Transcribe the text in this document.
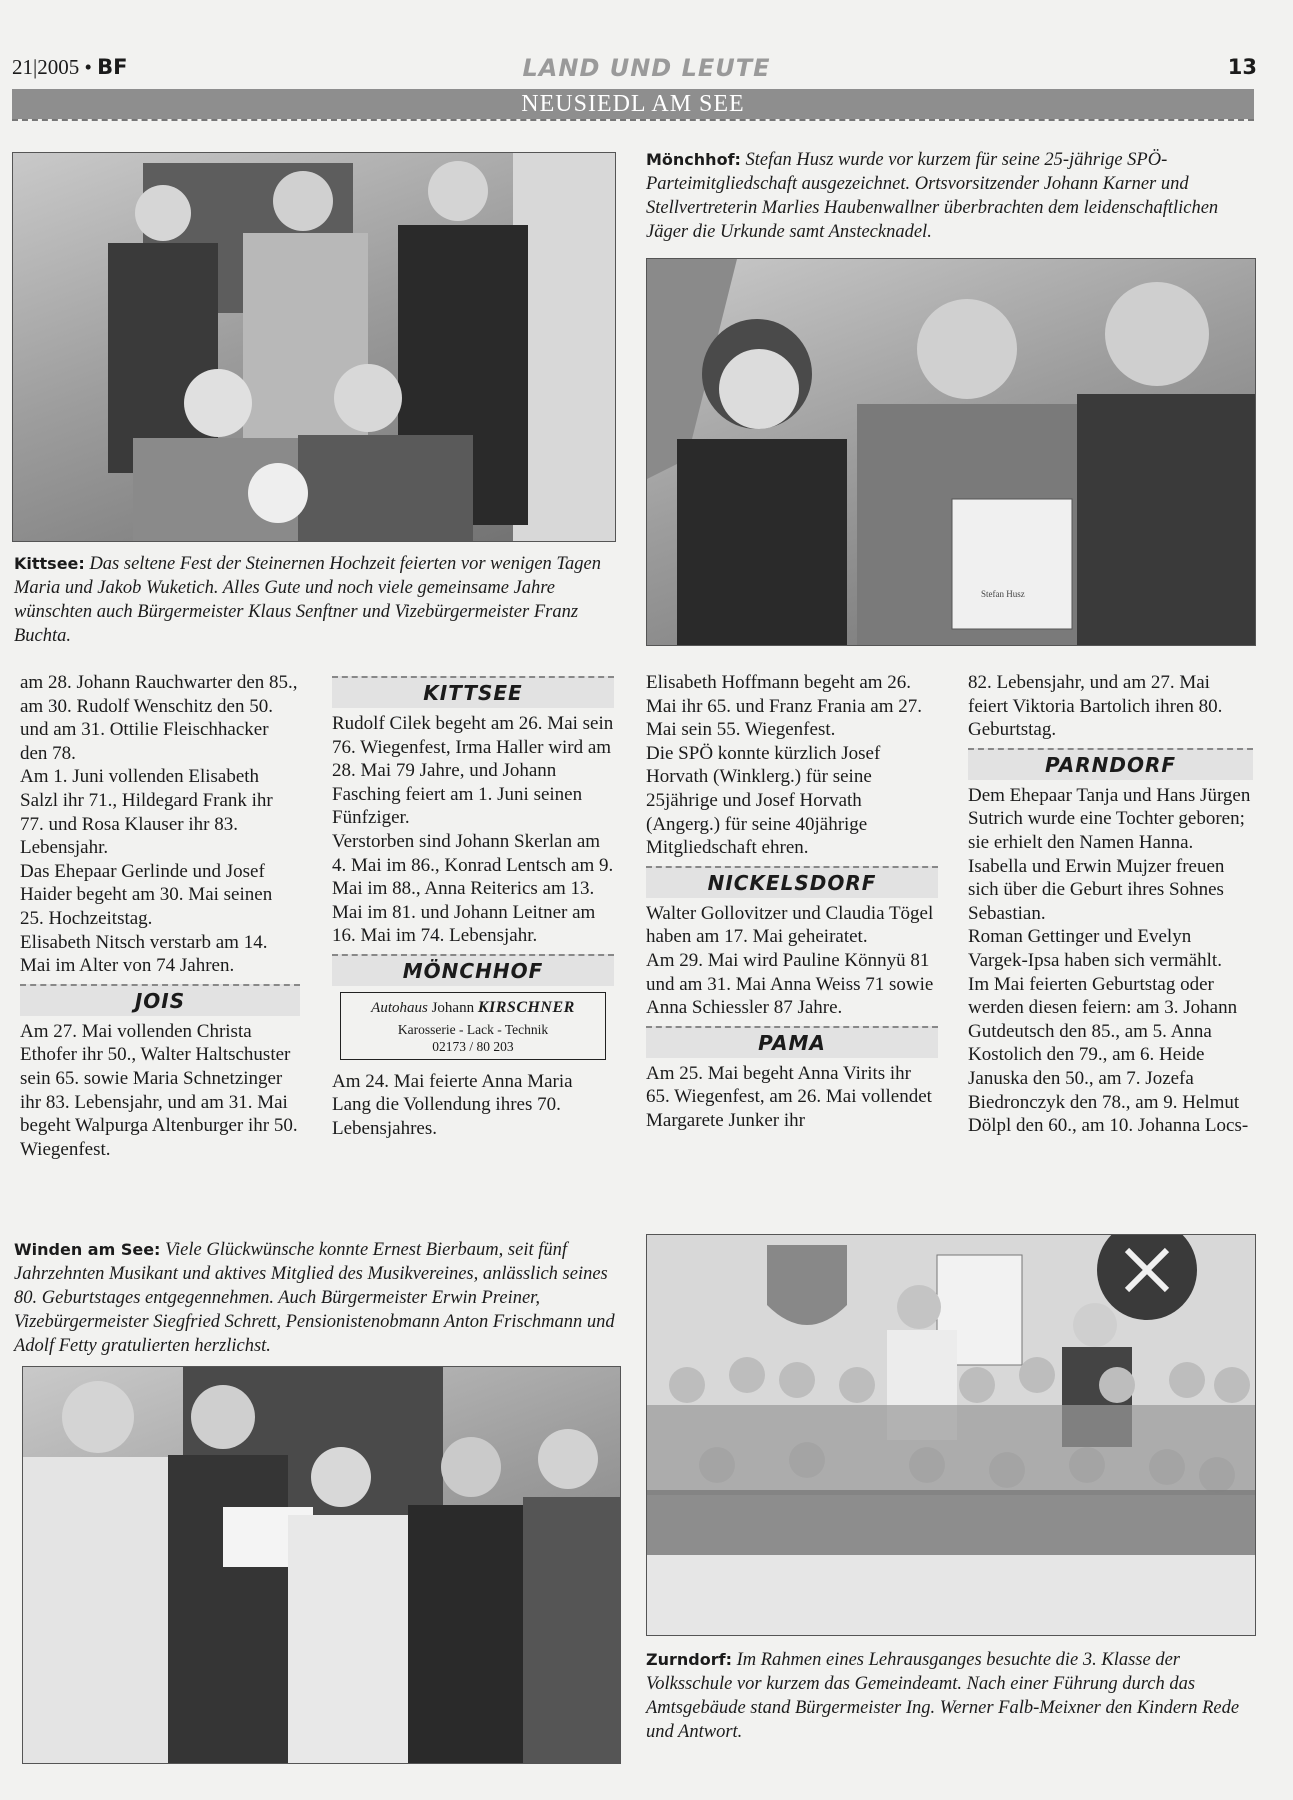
21|2005 • BF	LAND UND LEUTE	13
NEUSIEDL AM SEE
Mönchhof: Stefan Husz wurde vor kurzem für seine 25-jährige SPÖ-Parteimitgliedschaft ausgezeichnet. Ortsvorsitzender Johann Karner und Stellvertreterin Marlies Haubenwallner überbrachten dem leidenschaftlichen Jäger die Urkunde samt Anstecknadel.
Stefan Husz
Kittsee: Das seltene Fest der Steinernen Hochzeit feierten vor wenigen Tagen Maria und Jakob Wuketich. Alles Gute und noch viele gemeinsame Jahre wünschten auch Bürgermeister Klaus Senftner und Vizebürgermeister Franz Buchta.

am 28. Johann Rauchwarter den 85., am 30. Rudolf Wenschitz den 50. und am 31. Ottilie Fleischhacker den 78.

Am 1. Juni vollenden Elisabeth Salzl ihr 71., Hildegard Frank ihr 77. und Rosa Klauser ihr 83. Lebensjahr.

Das Ehepaar Gerlinde und Josef Haider begeht am 30. Mai seinen 25. Hochzeitstag.

Elisabeth Nitsch verstarb am 14. Mai im Alter von 74 Jahren.

JOIS

Am 27. Mai vollenden Christa Ethofer ihr 50., Walter Haltschuster sein 65. sowie Maria Schnetzinger ihr 83. Lebensjahr, und am 31. Mai begeht Walpurga Altenburger ihr 50. Wiegenfest.

KITTSEE

Rudolf Cilek begeht am 26. Mai sein 76. Wiegenfest, Irma Haller wird am 28. Mai 79 Jahre, und Johann Fasching feiert am 1. Juni seinen Fünfziger.

Verstorben sind Johann Skerlan am 4. Mai im 86., Konrad Lentsch am 9. Mai im 88., Anna Reiterics am 13. Mai im 81. und Johann Leitner am 16. Mai im 74. Lebensjahr.

MÖNCHHOF
Autohaus Johann KIRSCHNER
Karosserie - Lack - Technik
02173 / 80 203

Am 24. Mai feierte Anna Maria Lang die Vollendung ihres 70. Lebensjahres.

Elisabeth Hoffmann begeht am 26. Mai ihr 65. und Franz Frania am 27. Mai sein 55. Wiegenfest.

Die SPÖ konnte kürzlich Josef Horvath (Winklerg.) für seine 25jährige und Josef Horvath (Angerg.) für seine 40jährige Mitgliedschaft ehren.

NICKELSDORF

Walter Gollovitzer und Claudia Tögel haben am 17. Mai geheiratet.

Am 29. Mai wird Pauline Könnyü 81 und am 31. Mai Anna Weiss 71 sowie Anna Schiessler 87 Jahre.

PAMA

Am 25. Mai begeht Anna Virits ihr 65. Wiegenfest, am 26. Mai vollendet Margarete Junker ihr

82. Lebensjahr, und am 27. Mai feiert Viktoria Bartolich ihren 80. Geburtstag.

PARNDORF

Dem Ehepaar Tanja und Hans Jürgen Sutrich wurde eine Tochter geboren; sie erhielt den Namen Hanna. Isabella und Erwin Mujzer freuen sich über die Geburt ihres Sohnes Sebastian.

Roman Gettinger und Evelyn Vargek-Ipsa haben sich vermählt.

Im Mai feierten Geburtstag oder werden diesen feiern: am 3. Johann Gutdeutsch den 85., am 5. Anna Kostolich den 79., am 6. Heide Januska den 50., am 7. Jozefa Biedronczyk den 78., am 9. Helmut Dölpl den 60., am 10. Johanna Locs-

Winden am See: Viele Glückwünsche konnte Ernest Bierbaum, seit fünf Jahrzehnten Musikant und aktives Mitglied des Musikvereines, anlässlich seines 80. Geburtstages entgegennehmen. Auch Bürgermeister Erwin Preiner, Vizebürgermeister Siegfried Schrett, Pensionistenobmann Anton Frischmann und Adolf Fetty gratulierten herzlichst.
Zurndorf: Im Rahmen eines Lehrausganges besuchte die 3. Klasse der Volksschule vor kurzem das Gemeindeamt. Nach einer Führung durch das Amtsgebäude stand Bürgermeister Ing. Werner Falb-Meixner den Kindern Rede und Antwort.
